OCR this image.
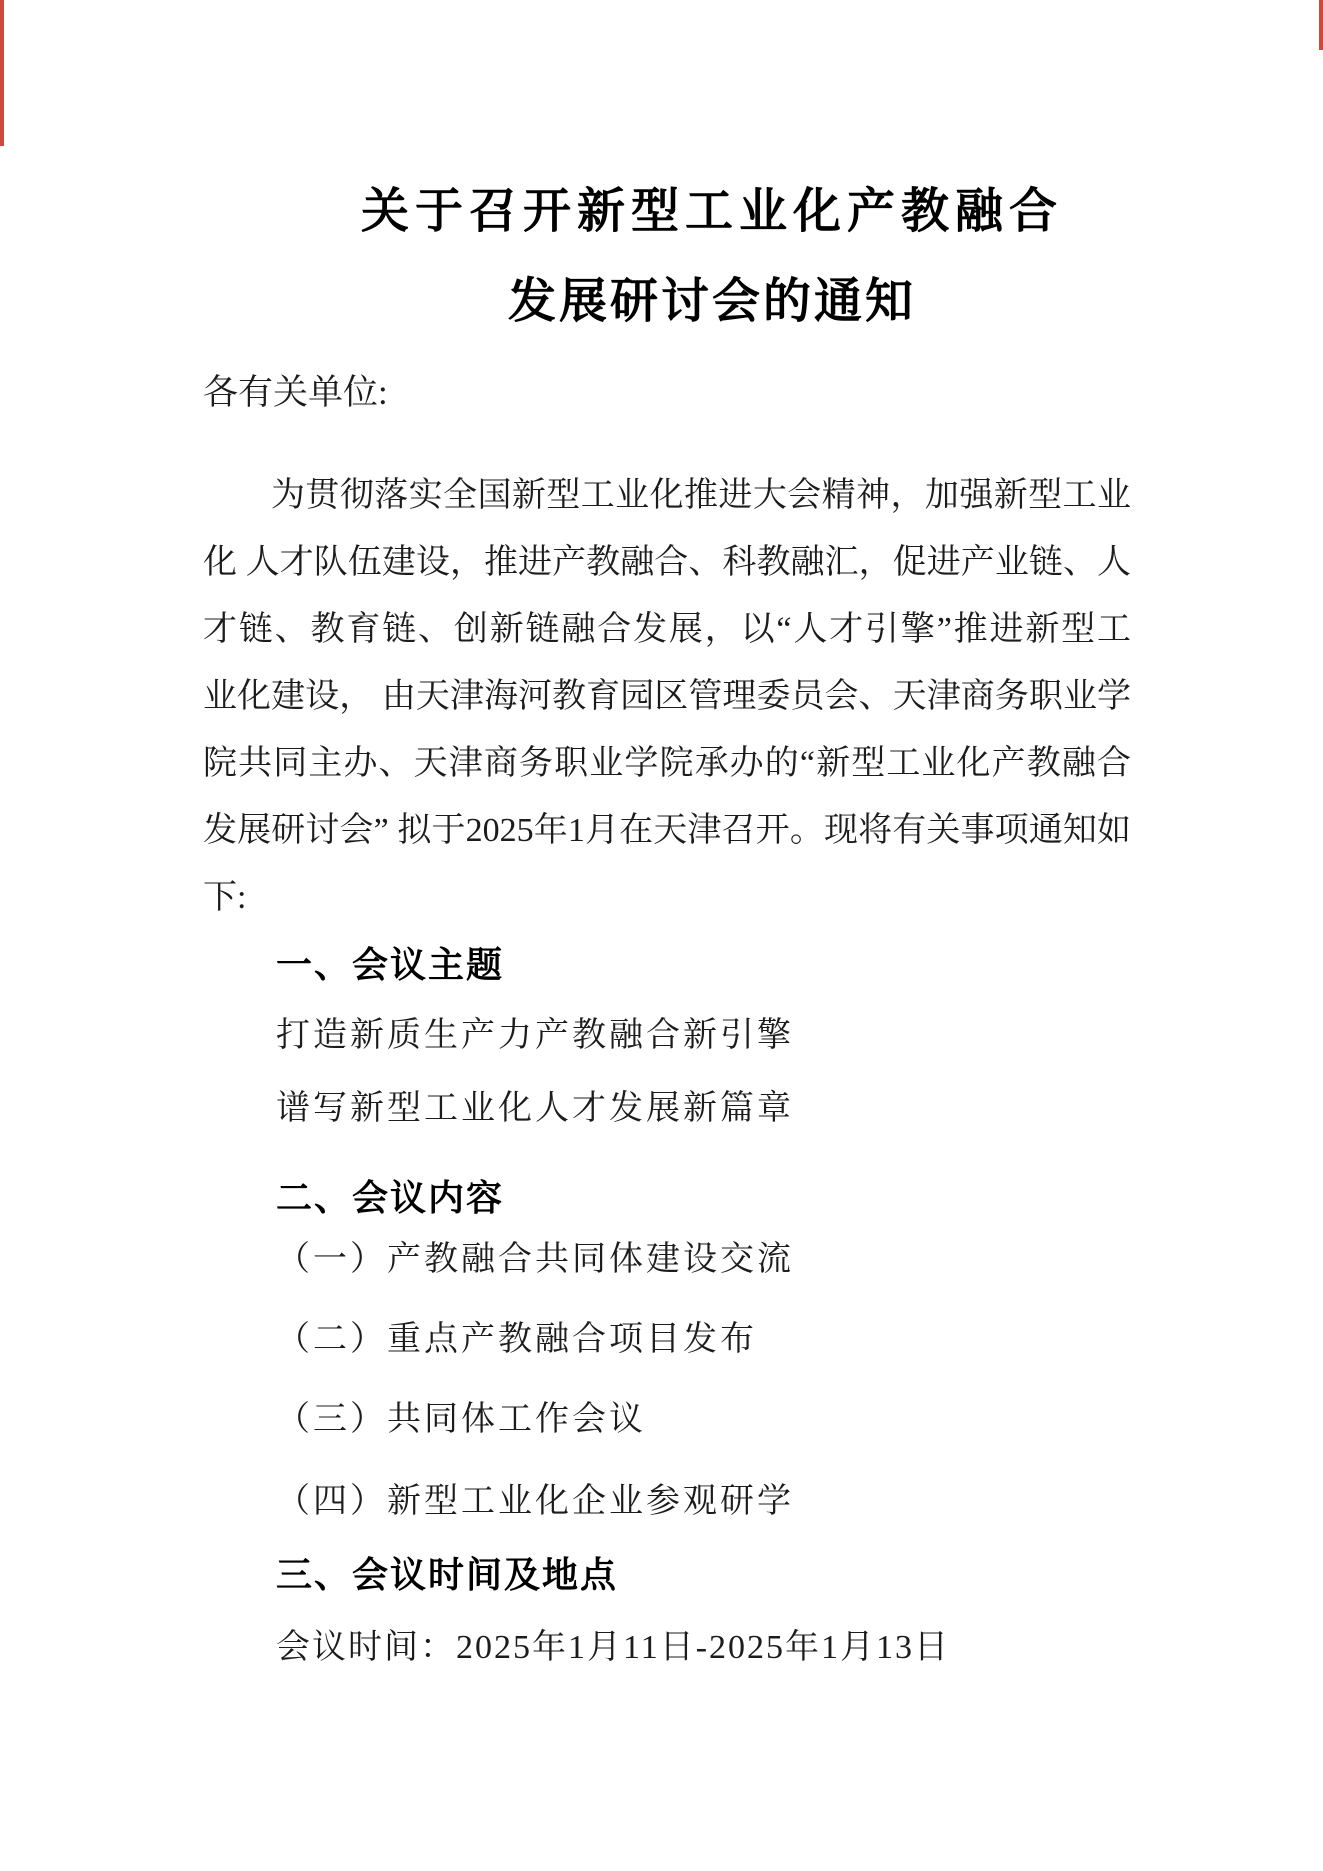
关于召开新型工业化产教融合
发展研讨会的通知
各有关单位:
为贯彻落实全国新型工业化推进大会精神，加强新型工业
化 人才队伍建设，推进产教融合、科教融汇，促进产业链、人
才链、教育链、创新链融合发展，以“人才引擎”推进新型工
业化建设， 由天津海河教育园区管理委员会、天津商务职业学
院共同主办、天津商务职业学院承办的“新型工业化产教融合
发展研讨会” 拟于2025年1月在天津召开。现将有关事项通知如
下:
一、会议主题
打造新质生产力产教融合新引擎
谱写新型工业化人才发展新篇章
二、会议内容
（一）产教融合共同体建设交流
（二）重点产教融合项目发布
（三）共同体工作会议
（四）新型工业化企业参观研学
三、会议时间及地点
会议时间：2025年1月11日-2025年1月13日
